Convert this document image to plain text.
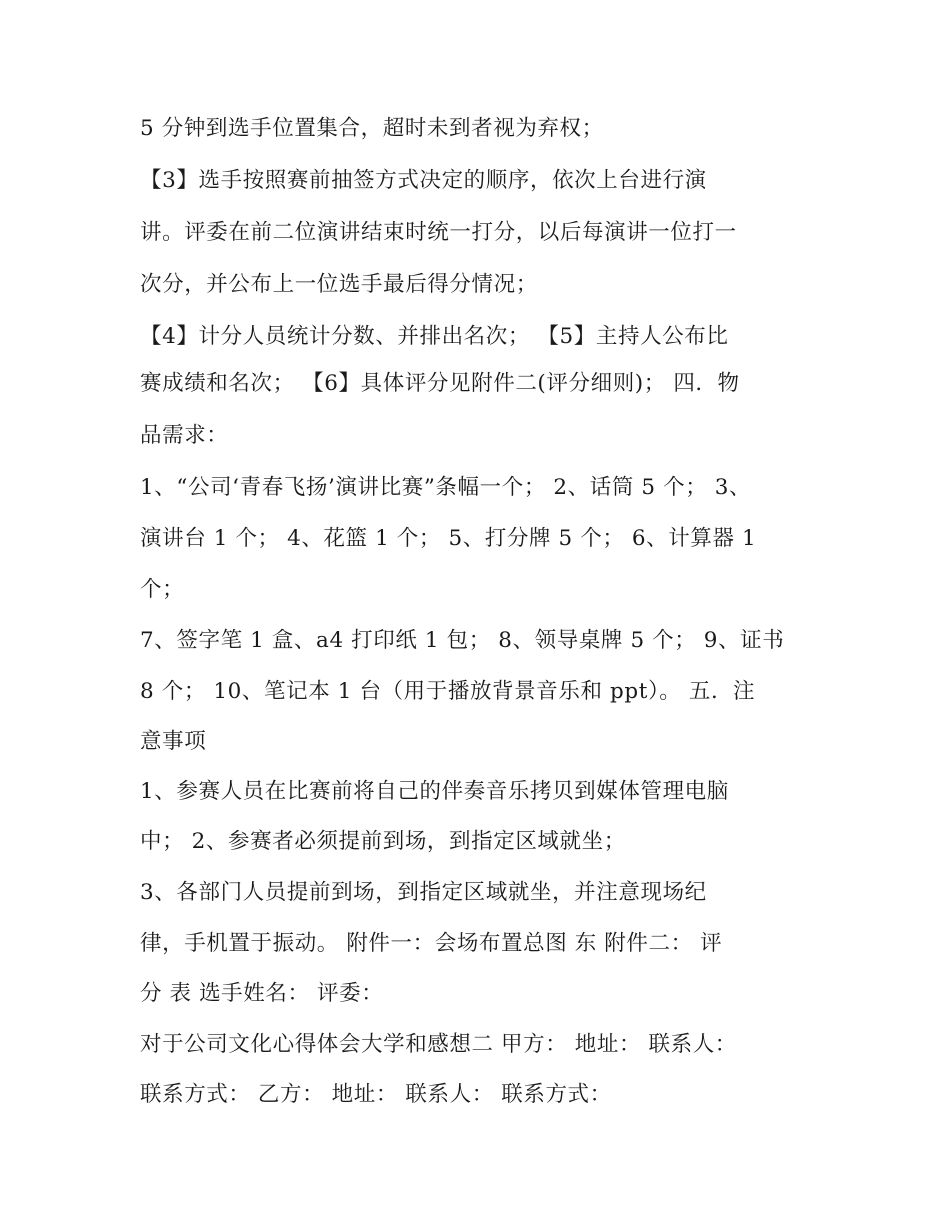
5 分钟到选手位置集合，超时未到者视为弃权；
【3】选手按照赛前抽签方式决定的顺序，依次上台进行演
讲。评委在前二位演讲结束时统一打分，以后每演讲一位打一
次分，并公布上一位选手最后得分情况；
【4】计分人员统计分数、并排出名次； 【5】主持人公布比
赛成绩和名次； 【6】具体评分见附件二(评分细则)； 四．物
品需求：
1、“公司‘青春飞扬’演讲比赛”条幅一个； 2、话筒 5 个； 3、
演讲台 1 个； 4、花篮 1 个； 5、打分牌 5 个； 6、计算器 1
个；
7、签字笔 1 盒、a4 打印纸 1 包； 8、领导桌牌 5 个； 9、证书
8 个； 10、笔记本 1 台（用于播放背景音乐和 ppt）。 五．注
意事项
1、参赛人员在比赛前将自己的伴奏音乐拷贝到媒体管理电脑
中； 2、参赛者必须提前到场，到指定区域就坐；
3、各部门人员提前到场，到指定区域就坐，并注意现场纪
律，手机置于振动。 附件一：会场布置总图 东 附件二： 评
分 表 选手姓名： 评委：
对于公司文化心得体会大学和感想二 甲方： 地址： 联系人：
联系方式： 乙方： 地址： 联系人： 联系方式：
